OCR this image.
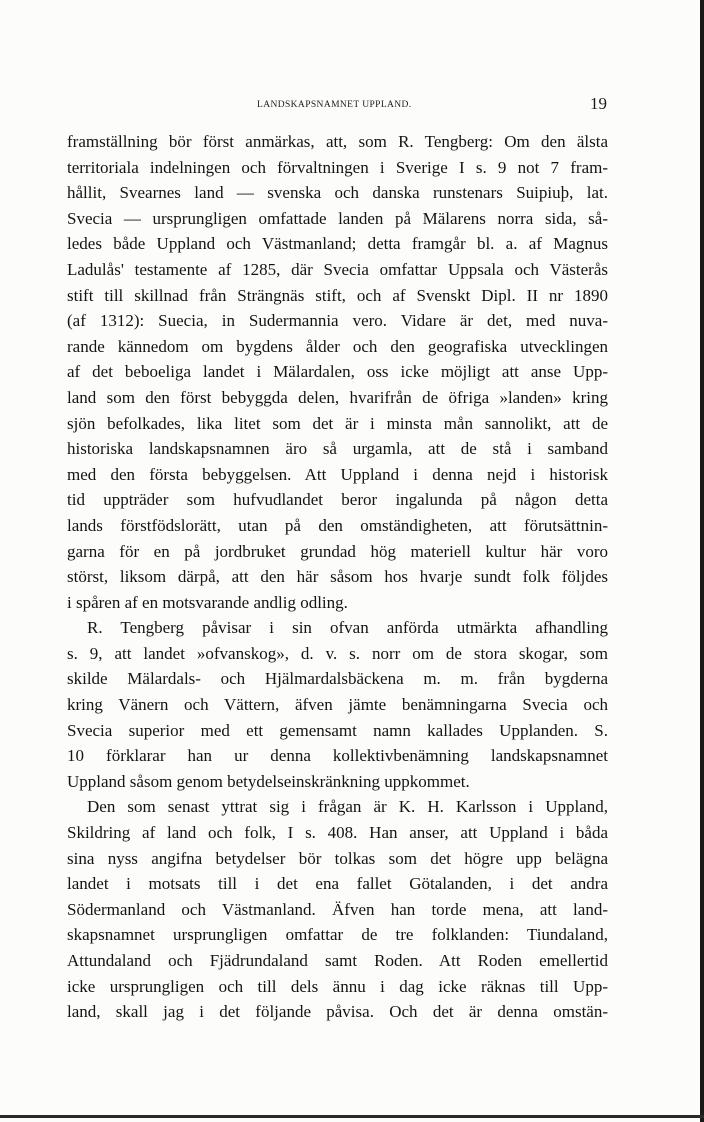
LANDSKAPSNAMNET UPPLAND.	19
framställning bör först anmärkas, att, som R. Tengberg: Om den älsta
territoriala indelningen och förvaltningen i Sverige I s. 9 not 7 fram-
hållit, Svearnes land — svenska och danska runstenars Suipiuþ, lat.
Svecia — ursprungligen omfattade landen på Mälarens norra sida, så-
ledes både Uppland och Västmanland; detta framgår bl. a. af Magnus
Ladulås' testamente af 1285, där Svecia omfattar Uppsala och Västerås
stift till skillnad från Strängnäs stift, och af Svenskt Dipl. II nr 1890
(af 1312): Suecia, in Sudermannia vero. Vidare är det, med nuva-
rande kännedom om bygdens ålder och den geografiska utvecklingen
af det beboeliga landet i Mälardalen, oss icke möjligt att anse Upp-
land som den först bebyggda delen, hvarifrån de öfriga »landen» kring
sjön befolkades, lika litet som det är i minsta mån sannolikt, att de
historiska landskapsnamnen äro så urgamla, att de stå i samband
med den första bebyggelsen. Att Uppland i denna nejd i historisk
tid uppträder som hufvudlandet beror ingalunda på någon detta
lands förstfödslorätt, utan på den omständigheten, att förutsättnin-
garna för en på jordbruket grundad hög materiell kultur här voro
störst, liksom därpå, att den här såsom hos hvarje sundt folk följdes
i spåren af en motsvarande andlig odling.
R. Tengberg påvisar i sin ofvan anförda utmärkta afhandling
s. 9, att landet »ofvanskog», d. v. s. norr om de stora skogar, som
skilde Mälardals- och Hjälmardalsbäckena m. m. från bygderna
kring Vänern och Vättern, äfven jämte benämningarna Svecia och
Svecia superior med ett gemensamt namn kallades Upplanden. S.
10 förklarar han ur denna kollektivbenämning landskapsnamnet
Uppland såsom genom betydelseinskränkning uppkommet.
Den som senast yttrat sig i frågan är K. H. Karlsson i Uppland,
Skildring af land och folk, I s. 408. Han anser, att Uppland i båda
sina nyss angifna betydelser bör tolkas som det högre upp belägna
landet i motsats till i det ena fallet Götalanden, i det andra
Södermanland och Västmanland. Äfven han torde mena, att land-
skapsnamnet ursprungligen omfattar de tre folklanden: Tiundaland,
Attundaland och Fjädrundaland samt Roden. Att Roden emellertid
icke ursprungligen och till dels ännu i dag icke räknas till Upp-
land, skall jag i det följande påvisa. Och det är denna omstän-
